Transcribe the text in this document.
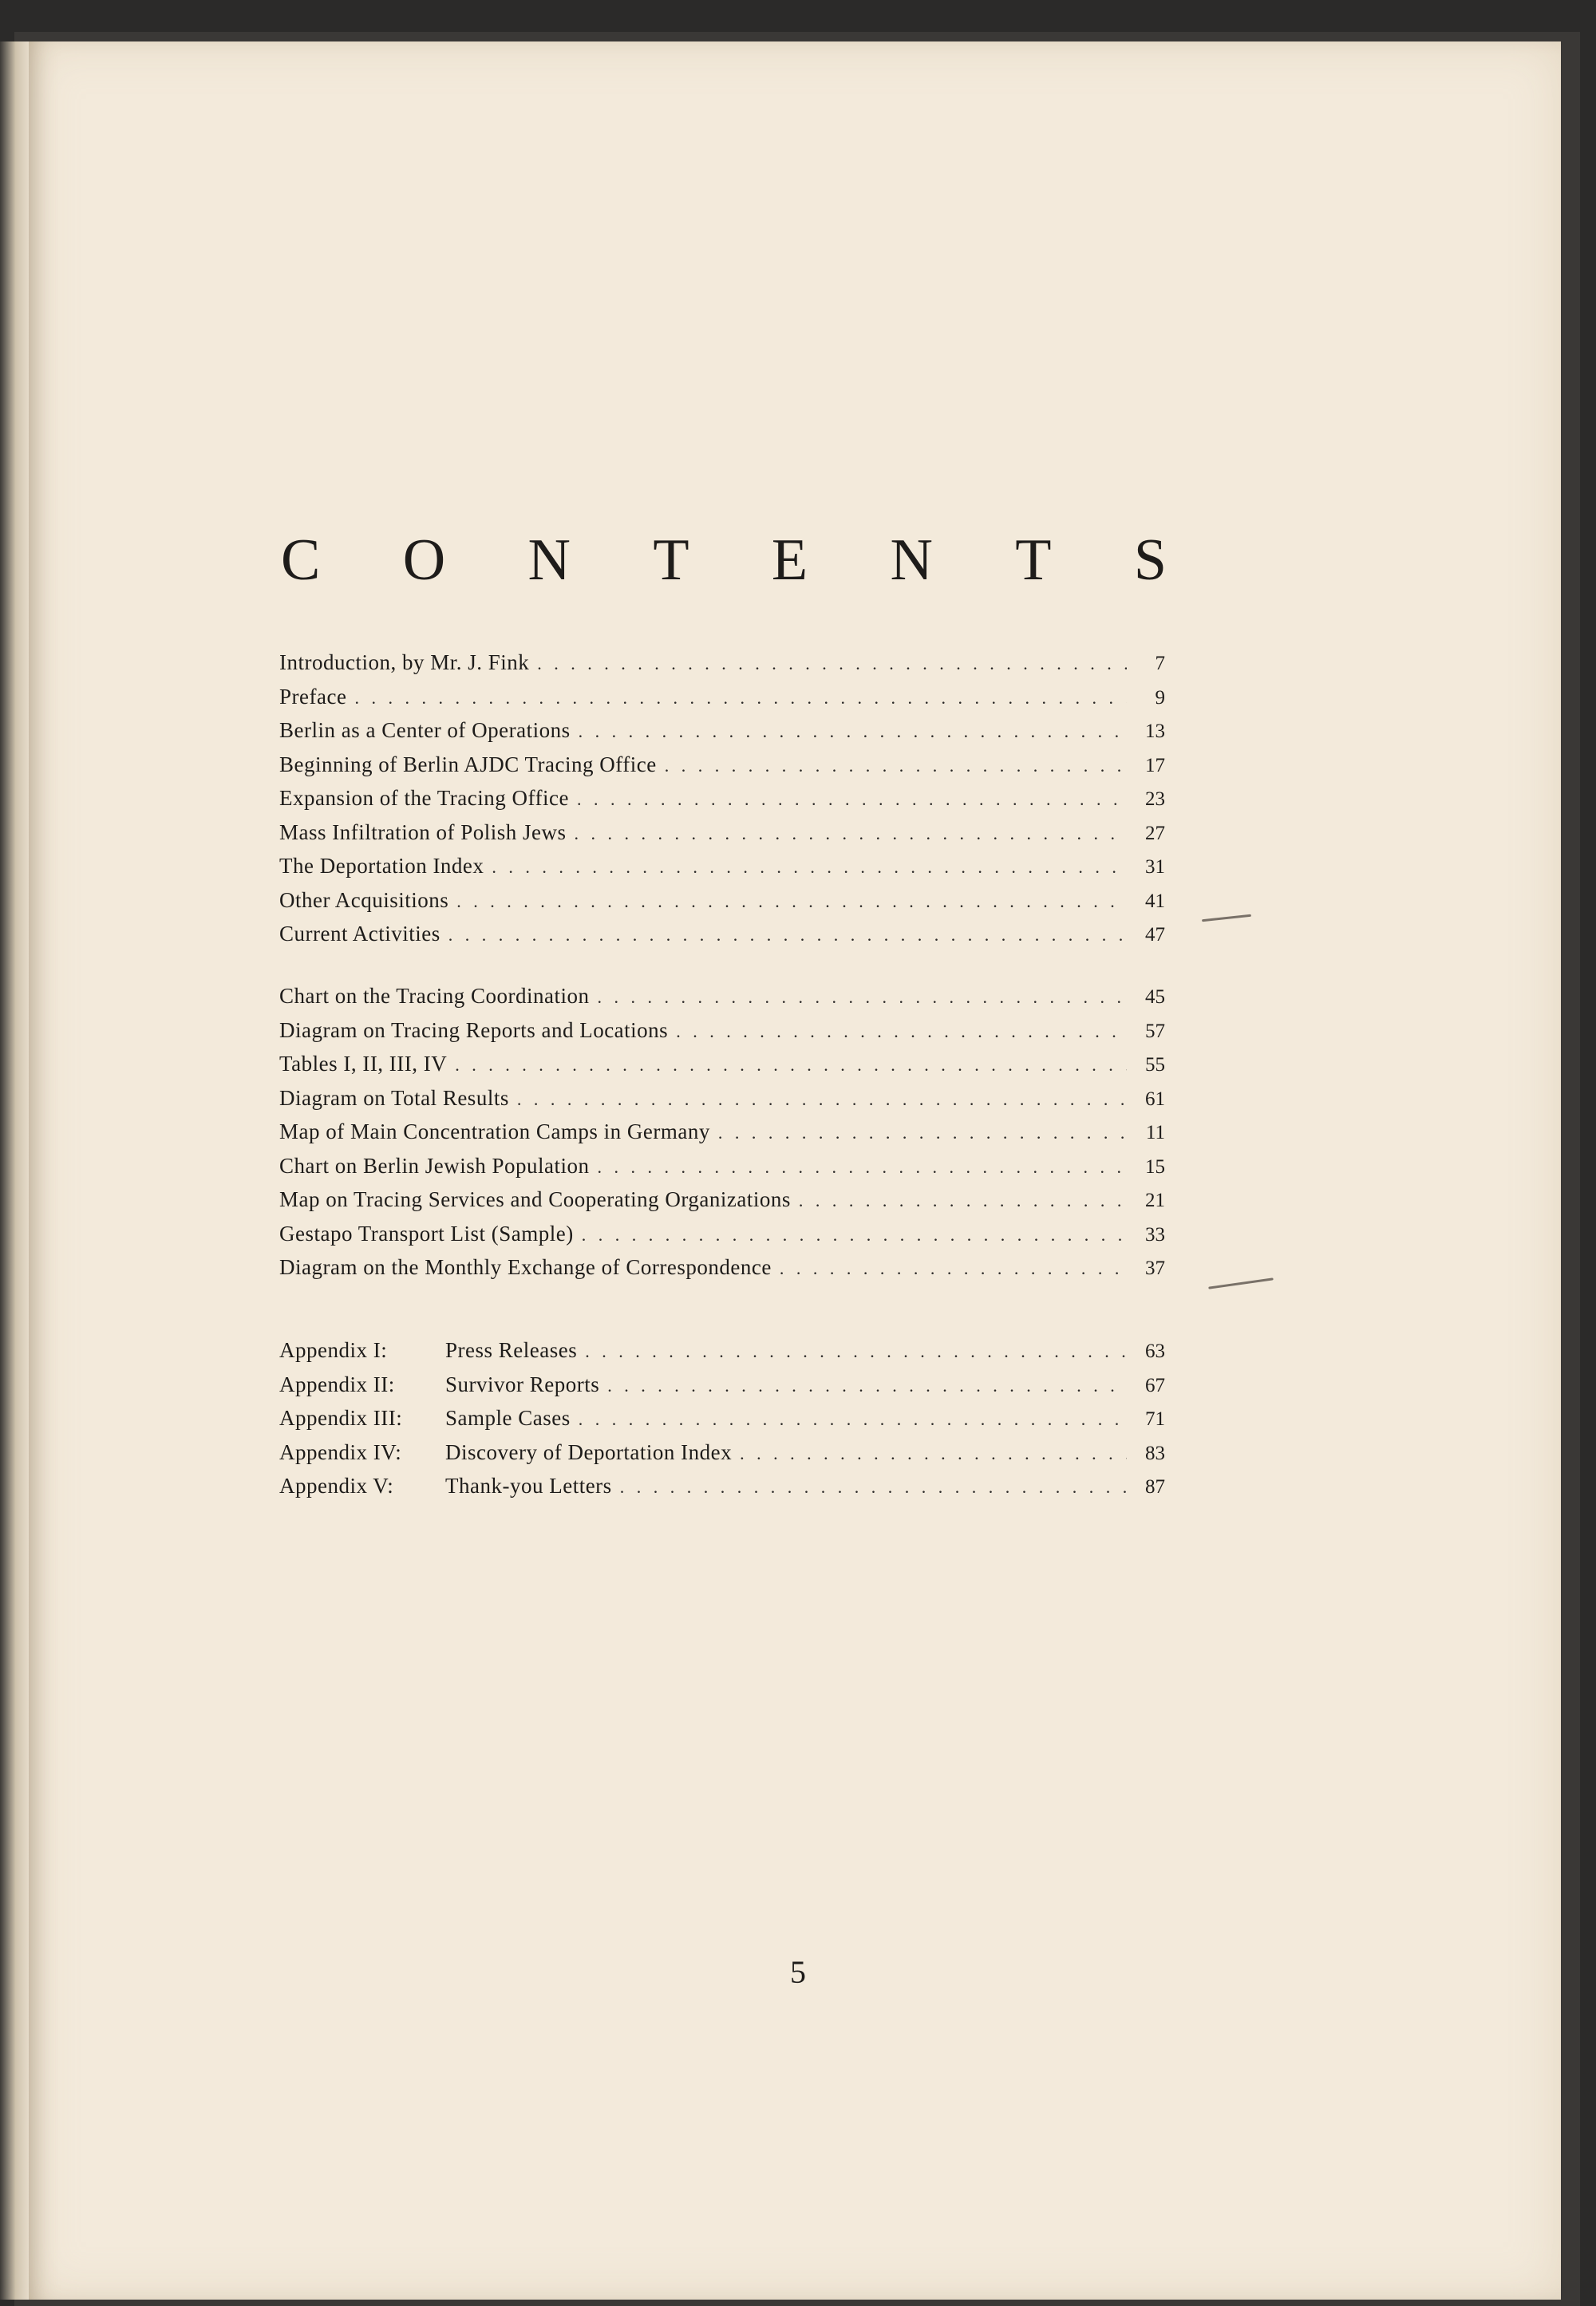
C O N T E N T S
Introduction, by Mr. J. Fink . . .	7
Preface . . .	9
Berlin as a Center of Operations . . .	13
Beginning of Berlin AJDC Tracing Office . . .	17
Expansion of the Tracing Office . . .	23
Mass Infiltration of Polish Jews . . .	27
The Deportation Index . . .	31
Other Acquisitions . . .	41
Current Activities . . .	47
Chart on the Tracing Coordination . . .	45
Diagram on Tracing Reports and Locations . . .	57
Tables I, II, III, IV . . .	55
Diagram on Total Results . . .	61
Map of Main Concentration Camps in Germany . . .	11
Chart on Berlin Jewish Population . . .	15
Map on Tracing Services and Cooperating Organizations . . .	21
Gestapo Transport List (Sample) . . .	33
Diagram on the Monthly Exchange of Correspondence . . .	37
Appendix I:	Press Releases . . .	63
Appendix II: Survivor Reports . . .	67
Appendix III: Sample Cases . . .	71
Appendix IV: Discovery of Deportation Index . . .	83
Appendix V: Thank-you Letters . . .	87
5
